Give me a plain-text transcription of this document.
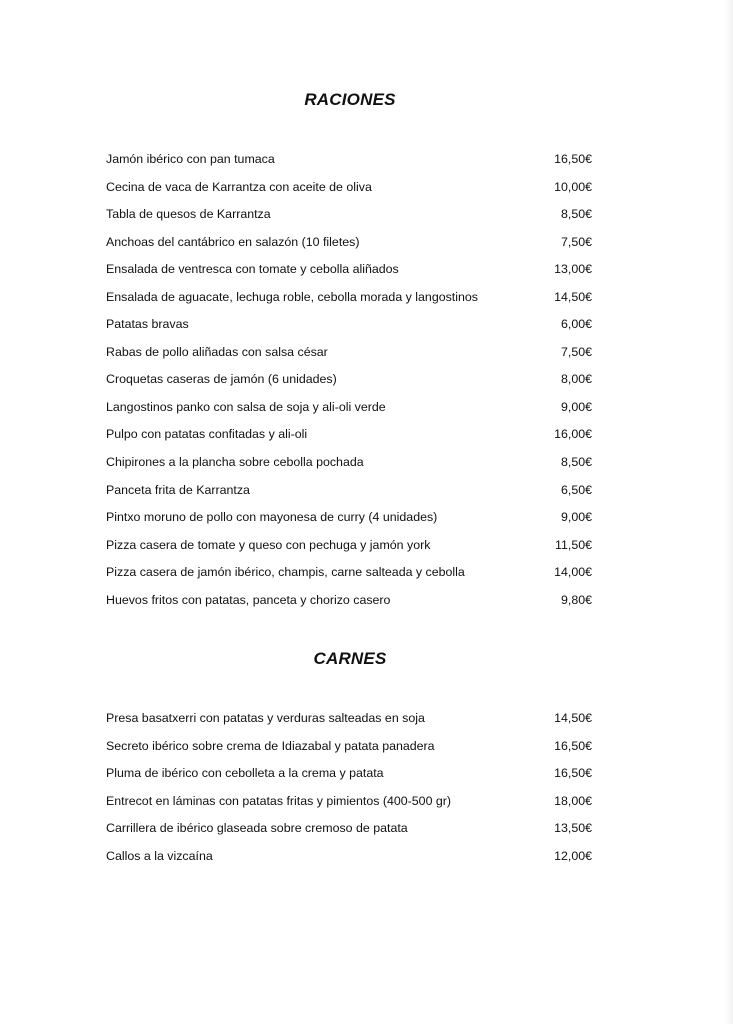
RACIONES
Jamón ibérico con pan tumaca	16,50€
Cecina de vaca de Karrantza con aceite de oliva	10,00€
Tabla de quesos de Karrantza	8,50€
Anchoas del cantábrico en salazón (10 filetes)	7,50€
Ensalada de ventresca con tomate y cebolla aliñados	13,00€
Ensalada de aguacate, lechuga roble, cebolla morada y langostinos	14,50€
Patatas bravas	6,00€
Rabas de pollo aliñadas con salsa césar	7,50€
Croquetas caseras de jamón (6 unidades)	8,00€
Langostinos panko con salsa de soja y ali-oli verde	9,00€
Pulpo con patatas confitadas y ali-oli	16,00€
Chipirones a la plancha sobre cebolla pochada	8,50€
Panceta frita de Karrantza	6,50€
Pintxo moruno de pollo con mayonesa de curry (4 unidades)	9,00€
Pizza casera de tomate y queso con pechuga y jamón york	11,50€
Pizza casera de jamón ibérico, champis, carne salteada y cebolla	14,00€
Huevos fritos con patatas, panceta y chorizo casero	9,80€
CARNES
Presa basatxerri con patatas y verduras salteadas en soja	14,50€
Secreto ibérico sobre crema de Idiazabal y patata panadera	16,50€
Pluma de ibérico con cebolleta a la crema y patata	16,50€
Entrecot en láminas con patatas fritas y pimientos (400-500 gr)	18,00€
Carrillera de ibérico glaseada sobre cremoso de patata	13,50€
Callos a la vizcaína	12,00€
